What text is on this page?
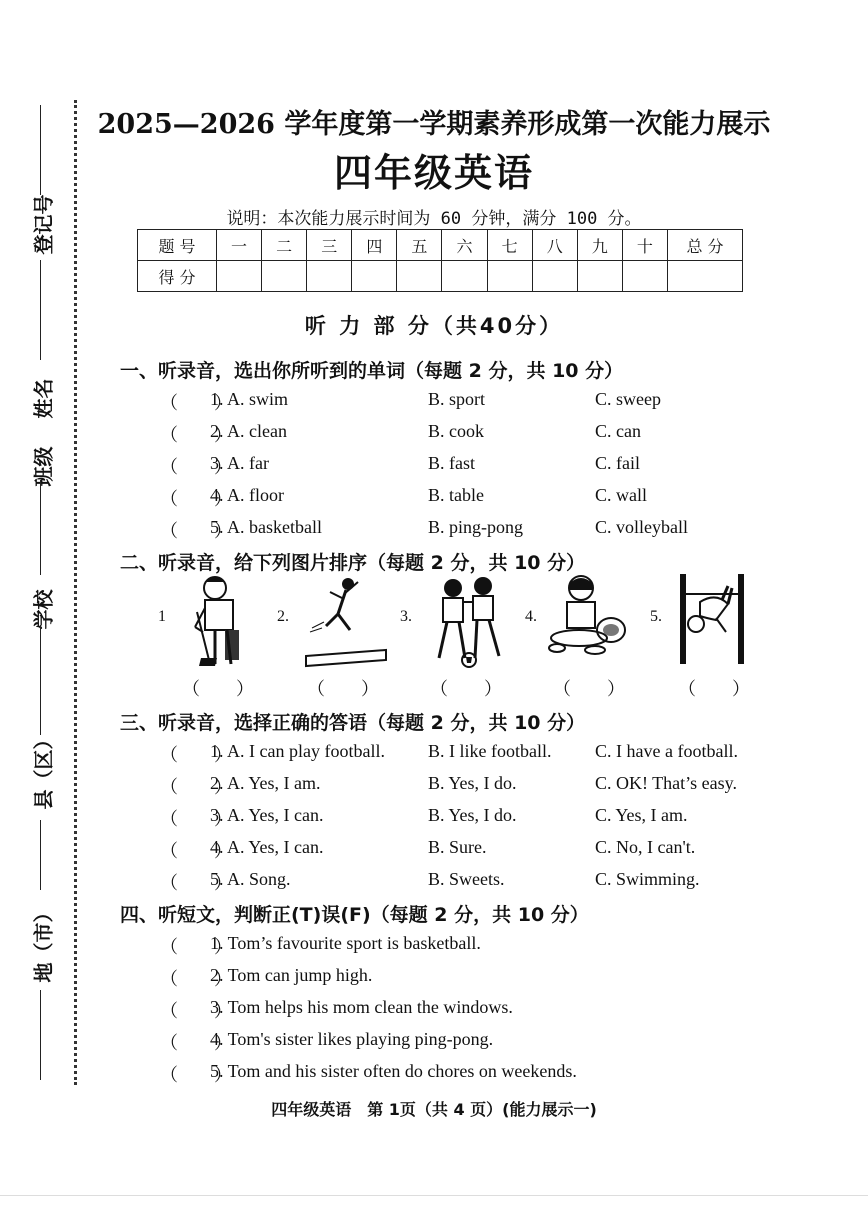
登记号
姓名
班级
学校
县（区）
地（市）
2025—2026 学年度第一学期素养形成第一次能力展示
四年级英语
说明：本次能力展示时间为 60 分钟，满分 100 分。
题 号	一	二	三	四	五	六	七	八	九	十	总 分
得 分											
听 力 部 分（共40分）
一、听录音，选出你所听到的单词（每题 2 分，共 10 分）
（　　）
1. A. swim	B. sport	C. sweep
（　　）
2. A. clean	B. cook	C. can
（　　）
3. A. far	B. fast	C. fail
（　　）
4. A. floor	B. table	C. wall
（　　）
5. A. basketball	B. ping-pong	C. volleyball
二、听录音，给下列图片排序（每题 2 分，共 10 分）
1
（　　）
2.
（　　）
3.
（　　）
4.
（　　）
5.
（　　）
三、听录音，选择正确的答语（每题 2 分，共 10 分）
（　　）
1. A. I can play football. B. I like football. C. I have a football.
（　　）
2. A. Yes, I am.	B. Yes, I do.	C. OK! That’s easy.
（　　）
3. A. Yes, I can.	B. Yes, I do.	C. Yes, I am.
（　　）
4. A. Yes, I can.	B. Sure.	C. No, I can't.
（　　）
5. A. Song.	B. Sweets.	C. Swimming.
四、听短文，判断正(T)误(F)（每题 2 分，共 10 分）
（　　）
1. Tom’s favourite sport is basketball.
（　　）
2. Tom can jump high.
（　　）
3. Tom helps his mom clean the windows.
（　　）
4. Tom's sister likes playing ping-pong.
（　　）
5. Tom and his sister often do chores on weekends.
四年级英语　第 1页（共 4 页）(能力展示一)
